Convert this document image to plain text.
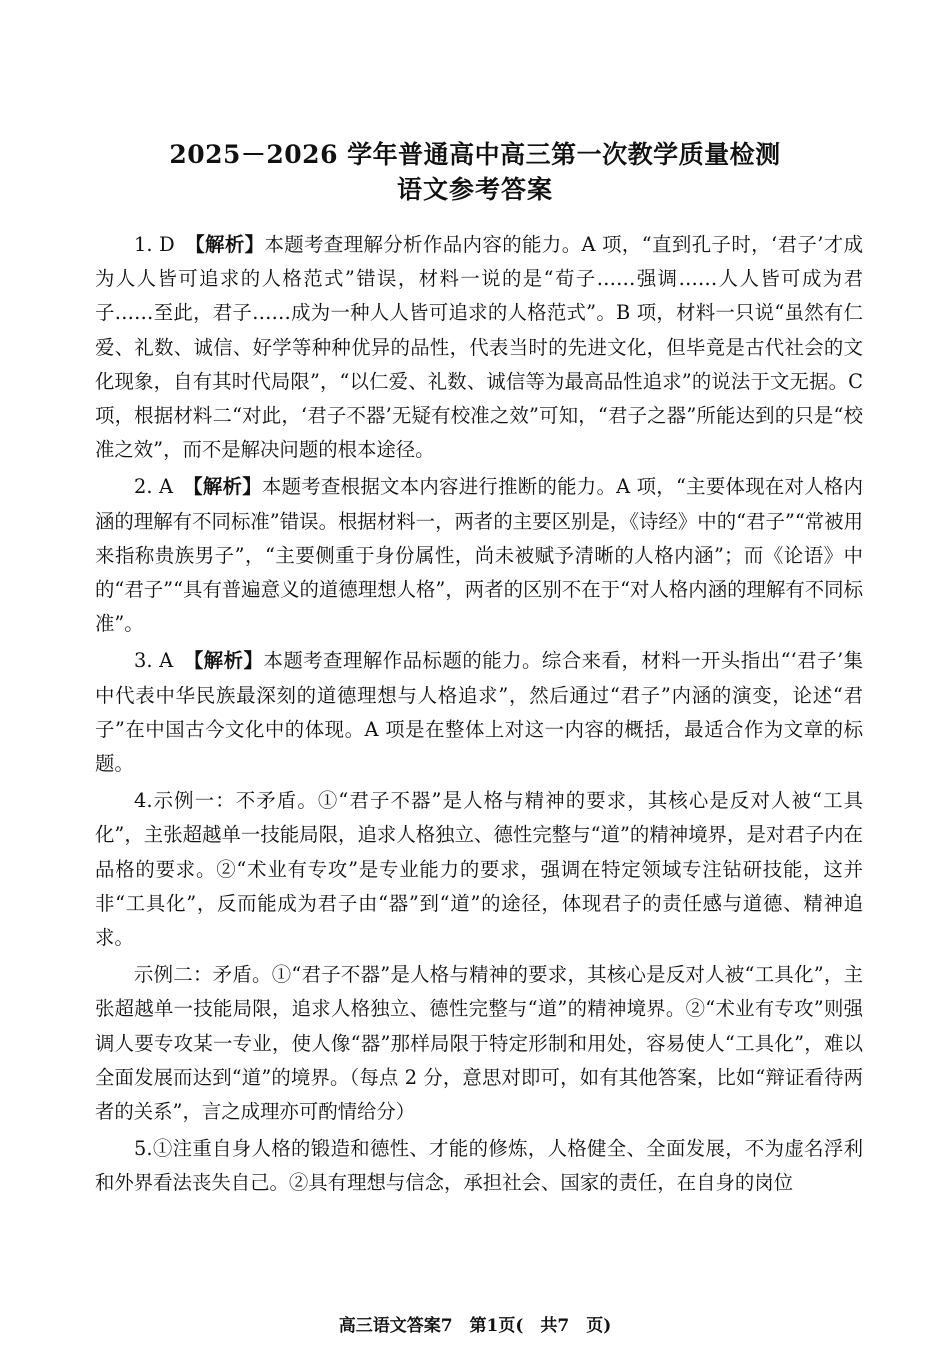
2025－2026 学年普通高中高三第一次教学质量检测
语文参考答案

1. D　 【解析】本题考查理解分析作品内容的能力。A 项，“直到孔子时，‘君子’才成为人人皆可追求的人格范式”错误，材料一说的是“荀子……强调……人人皆可成为君子……至此，君子……成为一种人人皆可追求的人格范式”。B 项，材料一只说“虽然有仁爱、礼数、诚信、好学等种种优异的品性，代表当时的先进文化，但毕竟是古代社会的文化现象，自有其时代局限”，“以仁爱、礼数、诚信等为最高品性追求”的说法于文无据。C 项，根据材料二“对此，‘君子不器’无疑有校准之效”可知，“君子之器”所能达到的只是“校准之效”，而不是解决问题的根本途径。

2. A　 【解析】本题考查根据文本内容进行推断的能力。A 项，“主要体现在对人格内涵的理解有不同标准”错误。根据材料一，两者的主要区别是，《诗经》中的“君子”“常被用来指称贵族男子”，“主要侧重于身份属性，尚未被赋予清晰的人格内涵”；而《论语》中的“君子”“具有普遍意义的道德理想人格”，两者的区别不在于“对人格内涵的理解有不同标准”。

3. A　 【解析】本题考查理解作品标题的能力。综合来看，材料一开头指出“‘君子’集中代表中华民族最深刻的道德理想与人格追求”，然后通过“君子”内涵的演变，论述“君子”在中国古今文化中的体现。A 项是在整体上对这一内容的概括，最适合作为文章的标题。

4.示例一：不矛盾。①“君子不器”是人格与精神的要求，其核心是反对人被“工具化”，主张超越单一技能局限，追求人格独立、德性完整与“道”的精神境界，是对君子内在品格的要求。②“术业有专攻”是专业能力的要求，强调在特定领域专注钻研技能，这并非“工具化”，反而能成为君子由“器”到“道”的途径，体现君子的责任感与道德、精神追求。

示例二：矛盾。①“君子不器”是人格与精神的要求，其核心是反对人被“工具化”，主张超越单一技能局限，追求人格独立、德性完整与“道”的精神境界。②“术业有专攻”则强调人要专攻某一专业，使人像“器”那样局限于特定形制和用处，容易使人“工具化”，难以全面发展而达到“道”的境界。（每点 2 分，意思对即可，如有其他答案，比如“辩证看待两者的关系”，言之成理亦可酌情给分）

5.①注重自身人格的锻造和德性、才能的修炼，人格健全、全面发展，不为虚名浮利和外界看法丧失自己。②具有理想与信念，承担社会、国家的责任，在自身的岗位

高三语文答案7　第1页(　共7　页)
